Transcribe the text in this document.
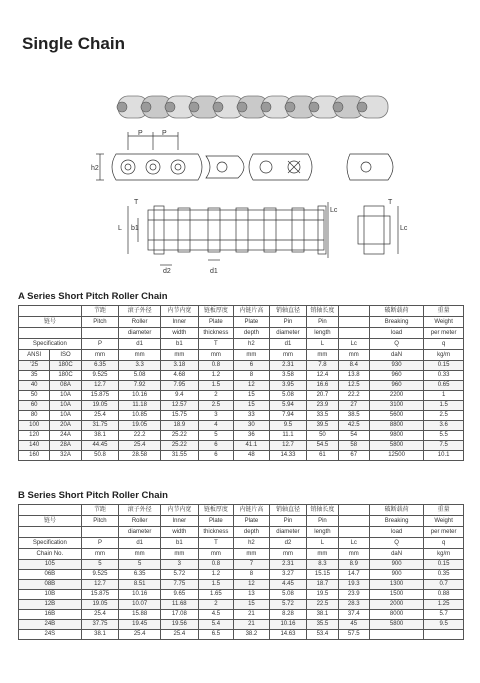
Single Chain
P	P
h2
T
L b1
Lc
Lc
T
d2	d1
A Series Short Pitch Roller Chain
		节距	滚子外径	内节内宽	链板厚度	内链片高	销轴直径	销轴长度		破断载荷	重量
链号		Pitch	Roller	Inner	Plate	Plate	Pin	Pin		Breaking	Weight
			diameter	width	thickness	depth	diameter	length		load	per meter
Specification		P	d1	b1	T	h2	d1	L	Lc	Q	q
ANSI	ISO	mm	mm	mm	mm	mm	mm	mm	mm	daN	kg/m
'25	180C	6.35	3.3	3.18	0.8	6	2.31	7.8	8.4	930	0.15
35	180C	9.525	5.08	4.68	1.2	8	3.58	12.4	13.8	960	0.33
40	08A	12.7	7.92	7.95	1.5	12	3.95	16.6	12.5	960	0.65
50	10A	15.875	10.16	9.4	2	15	5.08	20.7	22.2	2200	1
60	10A	19.05	11.18	12.57	2.5	15	5.94	23.9	27	3100	1.5
80	10A	25.4	10.85	15.75	3	33	7.94	33.5	38.5	5600	2.5
100	20A	31.75	19.05	18.9	4	30	9.5	39.5	42.5	8800	3.6
120	24A	38.1	22.2	25.22	5	36	11.1	50	54	9800	5.5
140	28A	44.45	25.4	25.22	6	41.1	12.7	54.5	58	5800	7.5
160	32A	50.8	28.58	31.55	6	48	14.33	61	67	12500	10.1
B Series Short Pitch Roller Chain
	节距	滚子外径	内节内宽	链板厚度	内链片高	销轴直径	销轴长度		破断载荷	重量
链号	Pitch	Roller	Inner	Plate	Plate	Pin	Pin		Breaking	Weight
		diameter	width	thickness	depth	diameter	length		load	per meter
Specification	P	d1	b1	T	h2	d2	L	Lc	Q	q
Chain No.	mm	mm	mm	mm	mm	mm	mm	mm	daN	kg/m
105	5	5	3	0.8	7	2.31	8.3	8.9	900	0.15
06B	9.525	6.35	5.72	1.2	8	3.27	15.15	14.7	900	0.35
08B	12.7	8.51	7.75	1.5	12	4.45	18.7	19.3	1300	0.7
10B	15.875	10.16	9.65	1.65	13	5.08	19.5	23.9	1500	0.88
12B	19.05	10.07	11.68	2	15	5.72	22.5	28.3	2000	1.25
16B	25.4	15.88	17.08	4.5	21	8.28	38.1	37.4	8000	5.7
24B	37.75	19.45	19.56	5.4	21	10.16	35.5	45	5800	9.5
24S	38.1	25.4	25.4	6.5	38.2	14.63	53.4	57.5		
